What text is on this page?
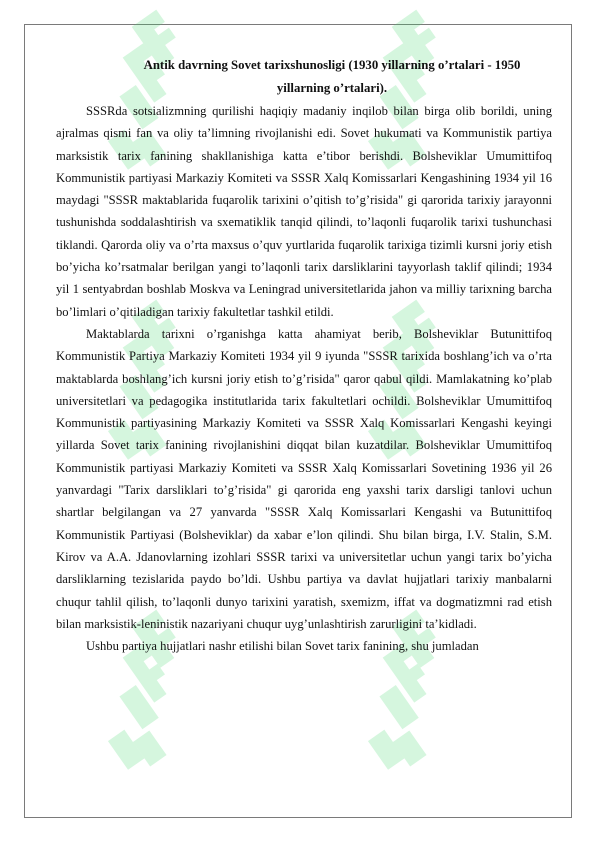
Antik davrning Sovet tarixshunosligi (1930 yillarning o’rtalari - 1950
yillarning o’rtalari).

SSSRda sotsializmning qurilishi haqiqiy madaniy inqilob bilan birga olib borildi, uning ajralmas qismi fan va oliy ta’limning rivojlanishi edi. Sovet hukumati va Kommunistik partiya marksistik tarix fanining shakllanishiga katta e’tibor berishdi. Bolsheviklar Umumittifoq Kommunistik partiyasi Markaziy Komiteti va SSSR Xalq Komissarlari Kengashining 1934 yil 16 maydagi "SSSR maktablarida fuqarolik tarixini o’qitish to’g’risida" gi qarorida tarixiy jarayonni tushunishda soddalashtirish va sxematiklik tanqid qilindi, to’laqonli fuqarolik tarixi tushunchasi tiklandi. Qarorda oliy va o’rta maxsus o’quv yurtlarida fuqarolik tarixiga tizimli kursni joriy etish bo’yicha ko’rsatmalar berilgan yangi to’laqonli tarix darsliklarini tayyorlash taklif qilindi; 1934 yil 1 sentyabrdan boshlab Moskva va Leningrad universitetlarida jahon va milliy tarixning barcha bo’limlari o’qitiladigan tarixiy fakultetlar tashkil etildi.

Maktablarda tarixni o’rganishga katta ahamiyat berib, Bolsheviklar Butunittifoq Kommunistik Partiya Markaziy Komiteti 1934 yil 9 iyunda "SSSR tarixida boshlang’ich va o’rta maktablarda boshlang’ich kursni joriy etish to’g’risida" qaror qabul qildi. Mamlakatning ko’plab universitetlari va pedagogika institutlarida tarix fakultetlari ochildi. Bolsheviklar Umumittifoq Kommunistik partiyasining Markaziy Komiteti va SSSR Xalq Komissarlari Kengashi keyingi yillarda Sovet tarix fanining rivojlanishini diqqat bilan kuzatdilar. Bolsheviklar Umumittifoq Kommunistik partiyasi Markaziy Komiteti va SSSR Xalq Komissarlari Sovetining 1936 yil 26 yanvardagi "Tarix darsliklari to’g’risida" gi qarorida eng yaxshi tarix darsligi tanlovi uchun shartlar belgilangan va 27 yanvarda "SSSR Xalq Komissarlari Kengashi va Butunittifoq Kommunistik Partiyasi (Bolsheviklar) da xabar e’lon qilindi. Shu bilan birga, I.V. Stalin, S.M. Kirov va A.A. Jdanovlarning izohlari SSSR tarixi va universitetlar uchun yangi tarix bo’yicha darsliklarning tezislarida paydo bo’ldi. Ushbu partiya va davlat hujjatlari tarixiy manbalarni chuqur tahlil qilish, to’laqonli dunyo tarixini yaratish, sxemizm, iffat va dogmatizmni rad etish bilan marksistik-leninistik nazariyani chuqur uyg’unlashtirish zarurligini ta’kidladi.

Ushbu partiya hujjatlari nashr etilishi bilan Sovet tarix fanining, shu jumladan
